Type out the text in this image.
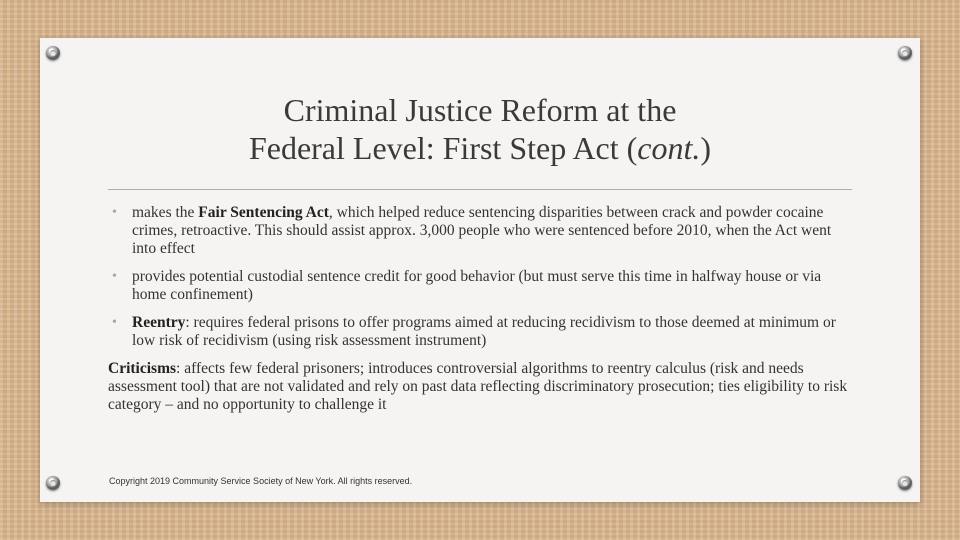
Criminal Justice Reform at the
Federal Level: First Step Act (cont.)
• makes the Fair Sentencing Act, which helped reduce sentencing disparities between crack and powder cocaine crimes, retroactive. This should assist approx. 3,000 people who were sentenced before 2010, when the Act went into effect
• provides potential custodial sentence credit for good behavior (but must serve this time in halfway house or via home confinement)
• Reentry: requires federal prisons to offer programs aimed at reducing recidivism to those deemed at minimum or low risk of recidivism (using risk assessment instrument)
Criticisms: affects few federal prisoners; introduces controversial algorithms to reentry calculus (risk and needs assessment tool) that are not validated and rely on past data reflecting discriminatory prosecution; ties eligibility to risk category – and no opportunity to challenge it
Copyright 2019 Community Service Society of New York. All rights reserved.
